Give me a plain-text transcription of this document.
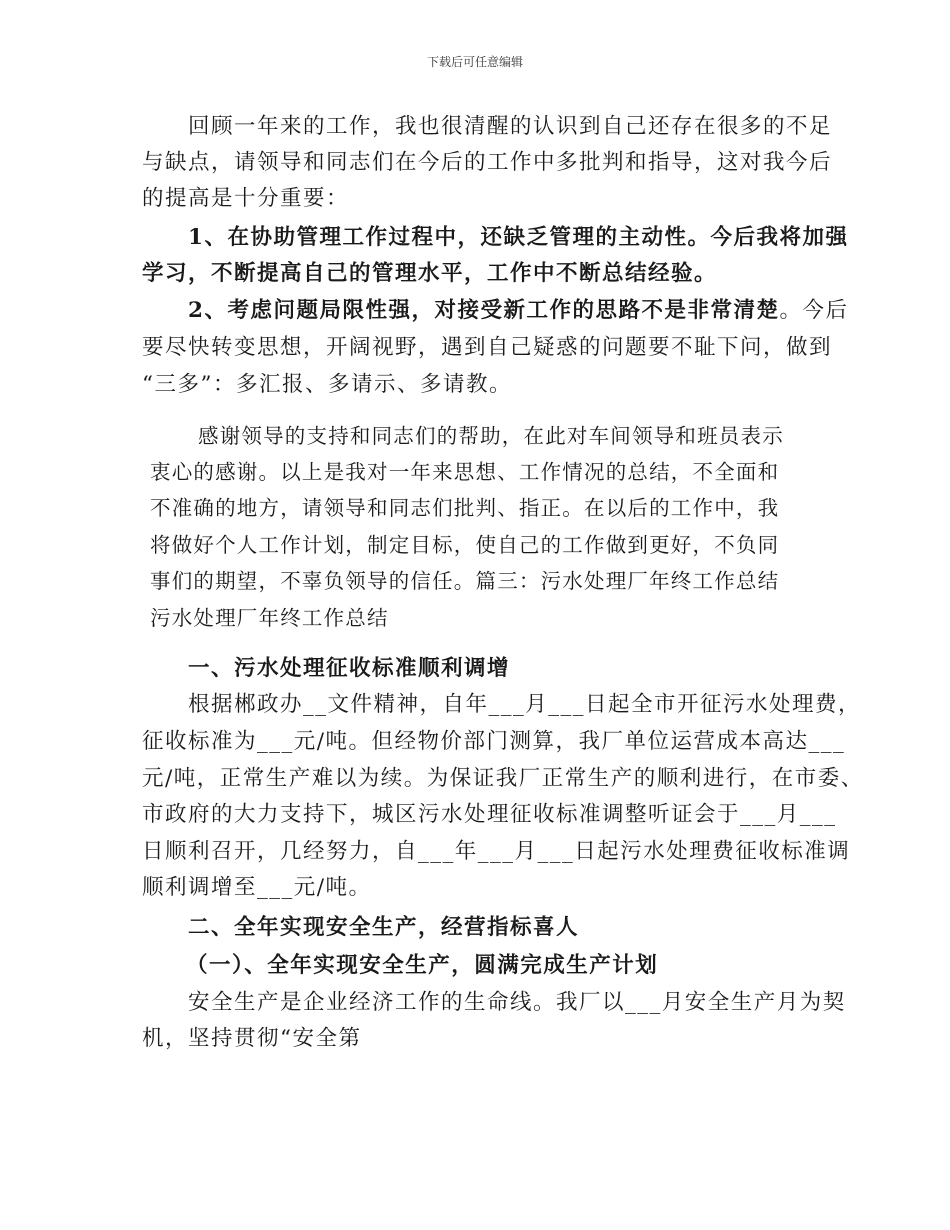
下载后可任意编辑
回顾一年来的工作，我也很清醒的认识到自己还存在很多的不足
与缺点，请领导和同志们在今后的工作中多批判和指导，这对我今后
的提高是十分重要：
1、在协助管理工作过程中，还缺乏管理的主动性。今后我将加强
学习，不断提高自己的管理水平，工作中不断总结经验。
2、考虑问题局限性强，对接受新工作的思路不是非常清楚。今后
要尽快转变思想，开阔视野，遇到自己疑惑的问题要不耻下问，做到
“三多”：多汇报、多请示、多请教。
感谢领导的支持和同志们的帮助，在此对车间领导和班员表示
衷心的感谢。以上是我对一年来思想、工作情况的总结，不全面和
不准确的地方，请领导和同志们批判、指正。在以后的工作中，我
将做好个人工作计划，制定目标，使自己的工作做到更好，不负同
事们的期望，不辜负领导的信任。篇三：污水处理厂年终工作总结
污水处理厂年终工作总结
一、污水处理征收标准顺利调增
根据郴政办__文件精神，自年___月___日起全市开征污水处理费，
征收标准为___元/吨。但经物价部门测算，我厂单位运营成本高达___
元/吨，正常生产难以为续。为保证我厂正常生产的顺利进行，在市委、
市政府的大力支持下，城区污水处理征收标准调整听证会于___月___
日顺利召开，几经努力，自___年___月___日起污水处理费征收标准调
顺利调增至___元/吨。
二、全年实现安全生产，经营指标喜人
（一）、全年实现安全生产，圆满完成生产计划
安全生产是企业经济工作的生命线。我厂以___月安全生产月为契
机，坚持贯彻“安全第
